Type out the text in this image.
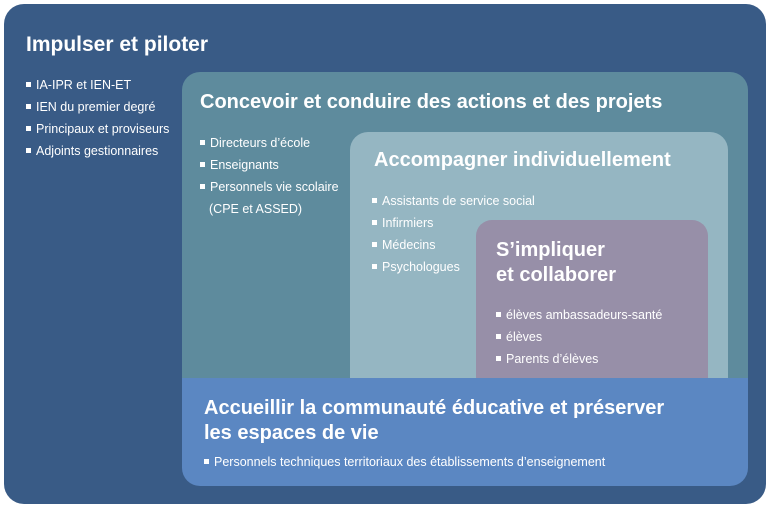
Impulser et piloter
IA-IPR et IEN-ET
IEN du premier degré
Principaux et proviseurs
Adjoints gestionnaires
Concevoir et conduire des actions et des projets
Directeurs d’école
Enseignants
Personnels vie scolaire
(CPE et ASSED)
Accompagner individuellement
Assistants de service social
Infirmiers
Médecins
Psychologues
S’impliquer
et collaborer
élèves ambassadeurs-santé
élèves
Parents d’élèves
Accueillir la communauté éducative et préserver
les espaces de vie
Personnels techniques territoriaux des établissements d’enseignement
